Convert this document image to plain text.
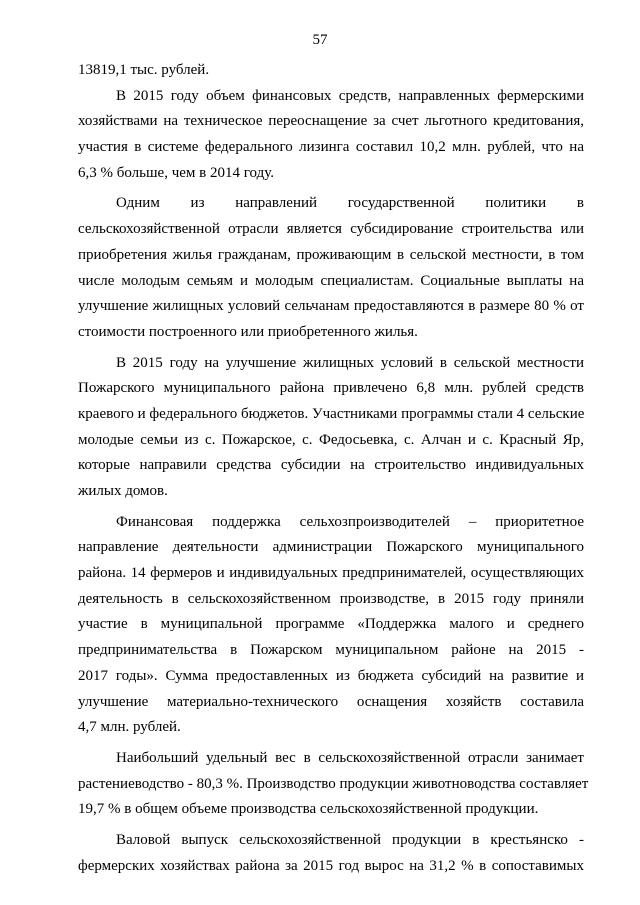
57
13819,1 тыс. рублей.
В 2015 году объем финансовых средств, направленных фермерскими
хозяйствами на техническое переоснащение за счет льготного кредитования,
участия в системе федерального лизинга составил 10,2 млн. рублей, что на
6,3 % больше, чем в 2014 году.
Одним из направлений государственной политики в
сельскохозяйственной отрасли является субсидирование строительства или
приобретения жилья гражданам, проживающим в сельской местности, в том
числе молодым семьям и молодым специалистам. Социальные выплаты на
улучшение жилищных условий сельчанам предоставляются в размере 80 % от
стоимости построенного или приобретенного жилья.
В 2015 году на улучшение жилищных условий в сельской местности
Пожарского муниципального района привлечено 6,8 млн. рублей средств
краевого и федерального бюджетов. Участниками программы стали 4 сельские
молодые семьи из с. Пожарское, с. Федосьевка, с. Алчан и с. Красный Яр,
которые направили средства субсидии на строительство индивидуальных
жилых домов.
Финансовая поддержка сельхозпроизводителей – приоритетное
направление деятельности администрации Пожарского муниципального
района. 14 фермеров и индивидуальных предпринимателей, осуществляющих
деятельность в сельскохозяйственном производстве, в 2015 году приняли
участие в муниципальной программе «Поддержка малого и среднего
предпринимательства в Пожарском муниципальном районе на 2015 -
2017 годы». Сумма предоставленных из бюджета субсидий на развитие и
улучшение материально-технического оснащения хозяйств составила
4,7 млн. рублей.
Наибольший удельный вес в сельскохозяйственной отрасли занимает
растениеводство - 80,3 %. Производство продукции животноводства составляет
19,7 % в общем объеме производства сельскохозяйственной продукции.
Валовой выпуск сельскохозяйственной продукции в крестьянско -
фермерских хозяйствах района за 2015 год вырос на 31,2 % в сопоставимых
